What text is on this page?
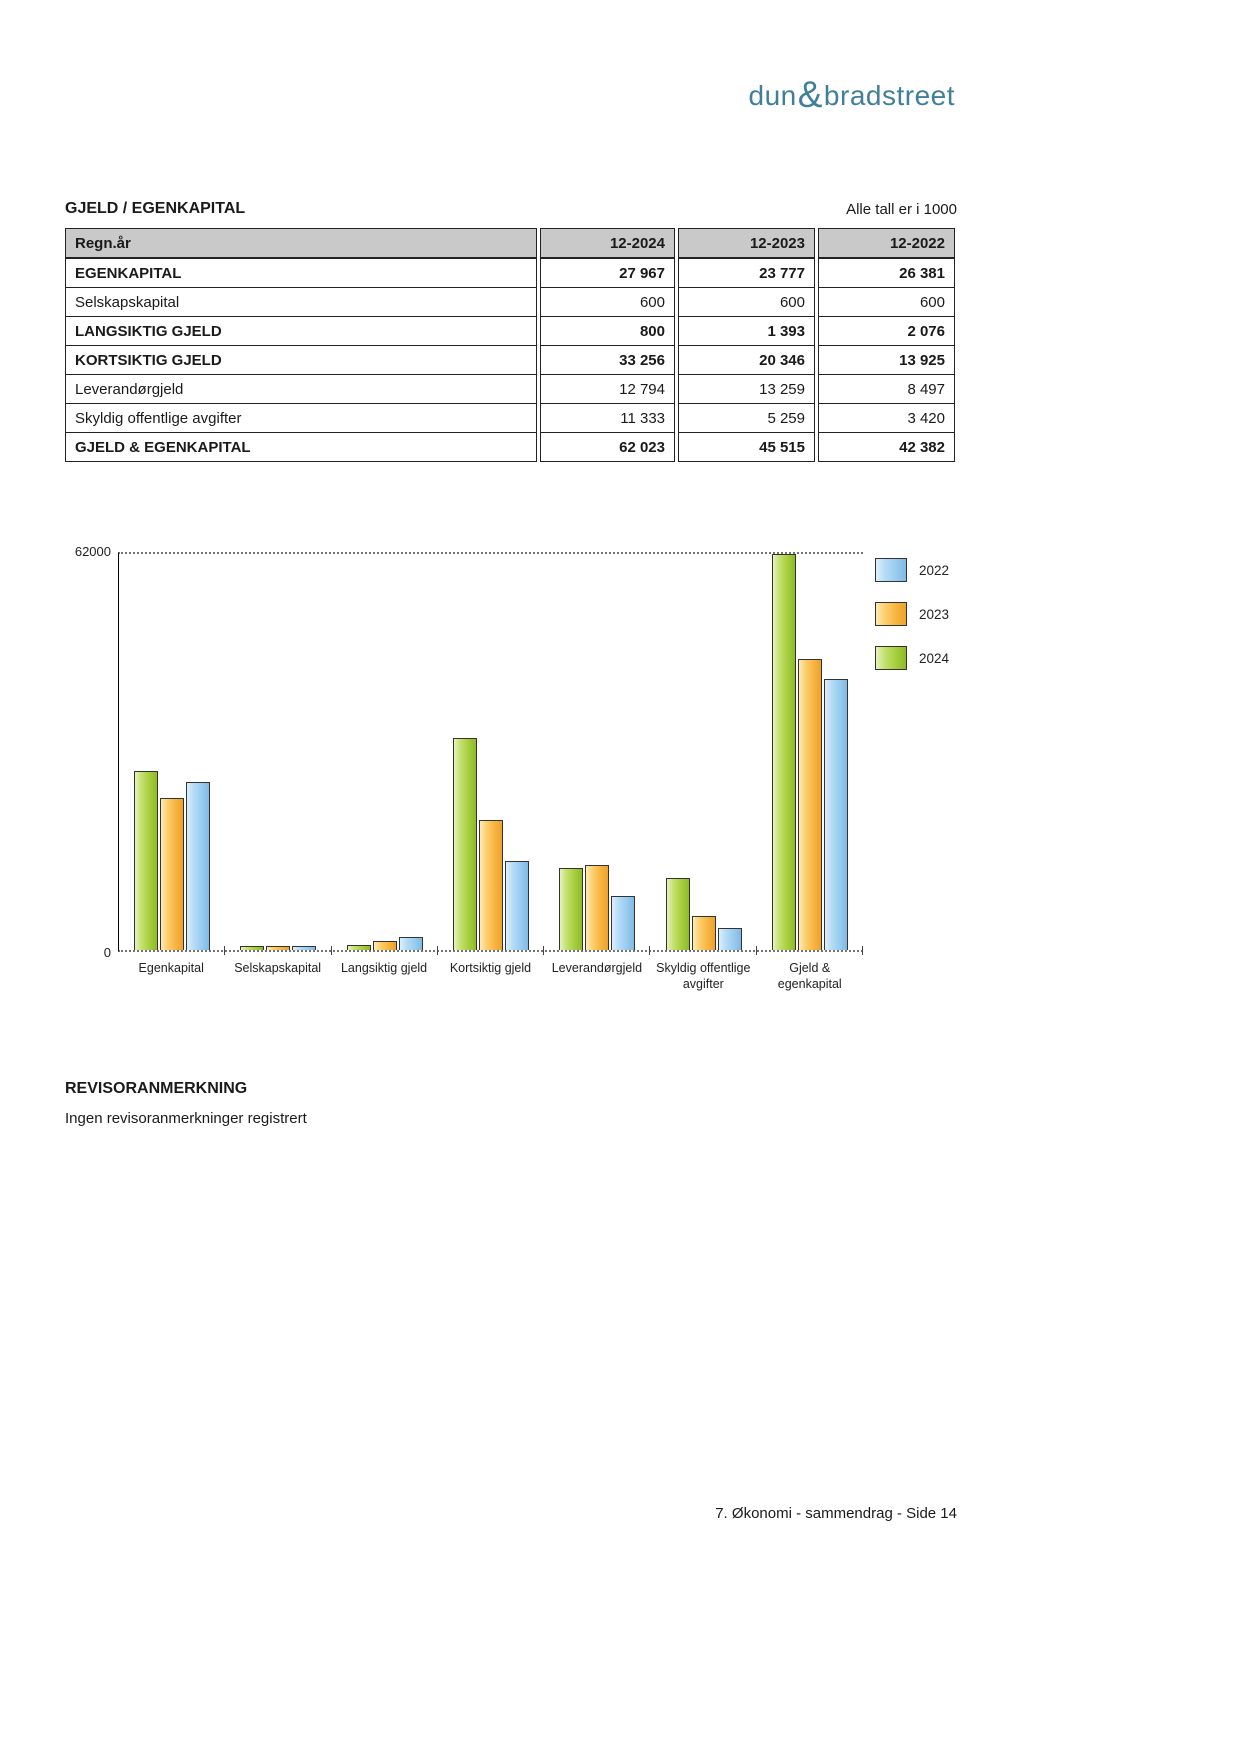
dun&bradstreet
GJELD / EGENKAPITAL	Alle tall er i 1000
Regn.år	12-2024	12-2023	12-2022
EGENKAPITAL	27 967	23 777	26 381
Selskapskapital	600	600	600
LANGSIKTIG GJELD	800	1 393	2 076
KORTSIKTIG GJELD	33 256	20 346	13 925
Leverandørgjeld	12 794	13 259	8 497
Skyldig offentlige avgifter	11 333	5 259	3 420
GJELD & EGENKAPITAL	62 023	45 515	42 382
62000
0
Egenkapital	Selskapskapital	Langsiktig gjeld	Kortsiktig gjeld	Leverandørgjeld	Skyldig offentlige avgifter
Gjeld & egenkapital
2022
2023
2024
REVISORANMERKNING
Ingen revisoranmerkninger registrert
7. Økonomi - sammendrag - Side 14
